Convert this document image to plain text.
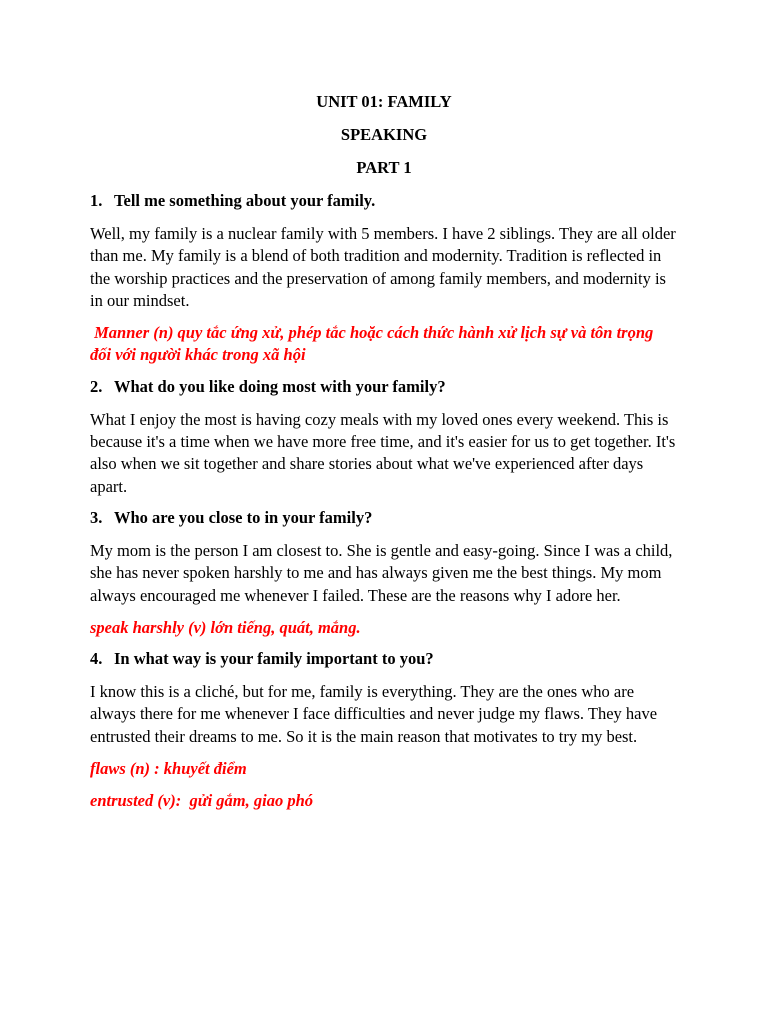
UNIT 01: FAMILY
SPEAKING
PART 1
1. Tell me something about your family.
Well, my family is a nuclear family with 5 members. I have 2 siblings. They are all older than me. My family is a blend of both tradition and modernity. Tradition is reflected in the worship practices and the preservation of among family members, and modernity is in our mindset.
Manner (n) quy tắc ứng xử, phép tắc hoặc cách thức hành xử lịch sự và tôn trọng đối với người khác trong xã hội
2. What do you like doing most with your family?
What I enjoy the most is having cozy meals with my loved ones every weekend. This is because it's a time when we have more free time, and it's easier for us to get together. It's also when we sit together and share stories about what we've experienced after days apart.
3. Who are you close to in your family?
My mom is the person I am closest to. She is gentle and easy-going. Since I was a child, she has never spoken harshly to me and has always given me the best things. My mom always encouraged me whenever I failed. These are the reasons why I adore her.
speak harshly (v) lớn tiếng, quát, mắng.
4. In what way is your family important to you?
I know this is a cliché, but for me, family is everything. They are the ones who are always there for me whenever I face difficulties and never judge my flaws. They have entrusted their dreams to me. So it is the main reason that motivates to try my best.
flaws (n) : khuyết điểm
entrusted (v):  gửi gắm, giao phó
